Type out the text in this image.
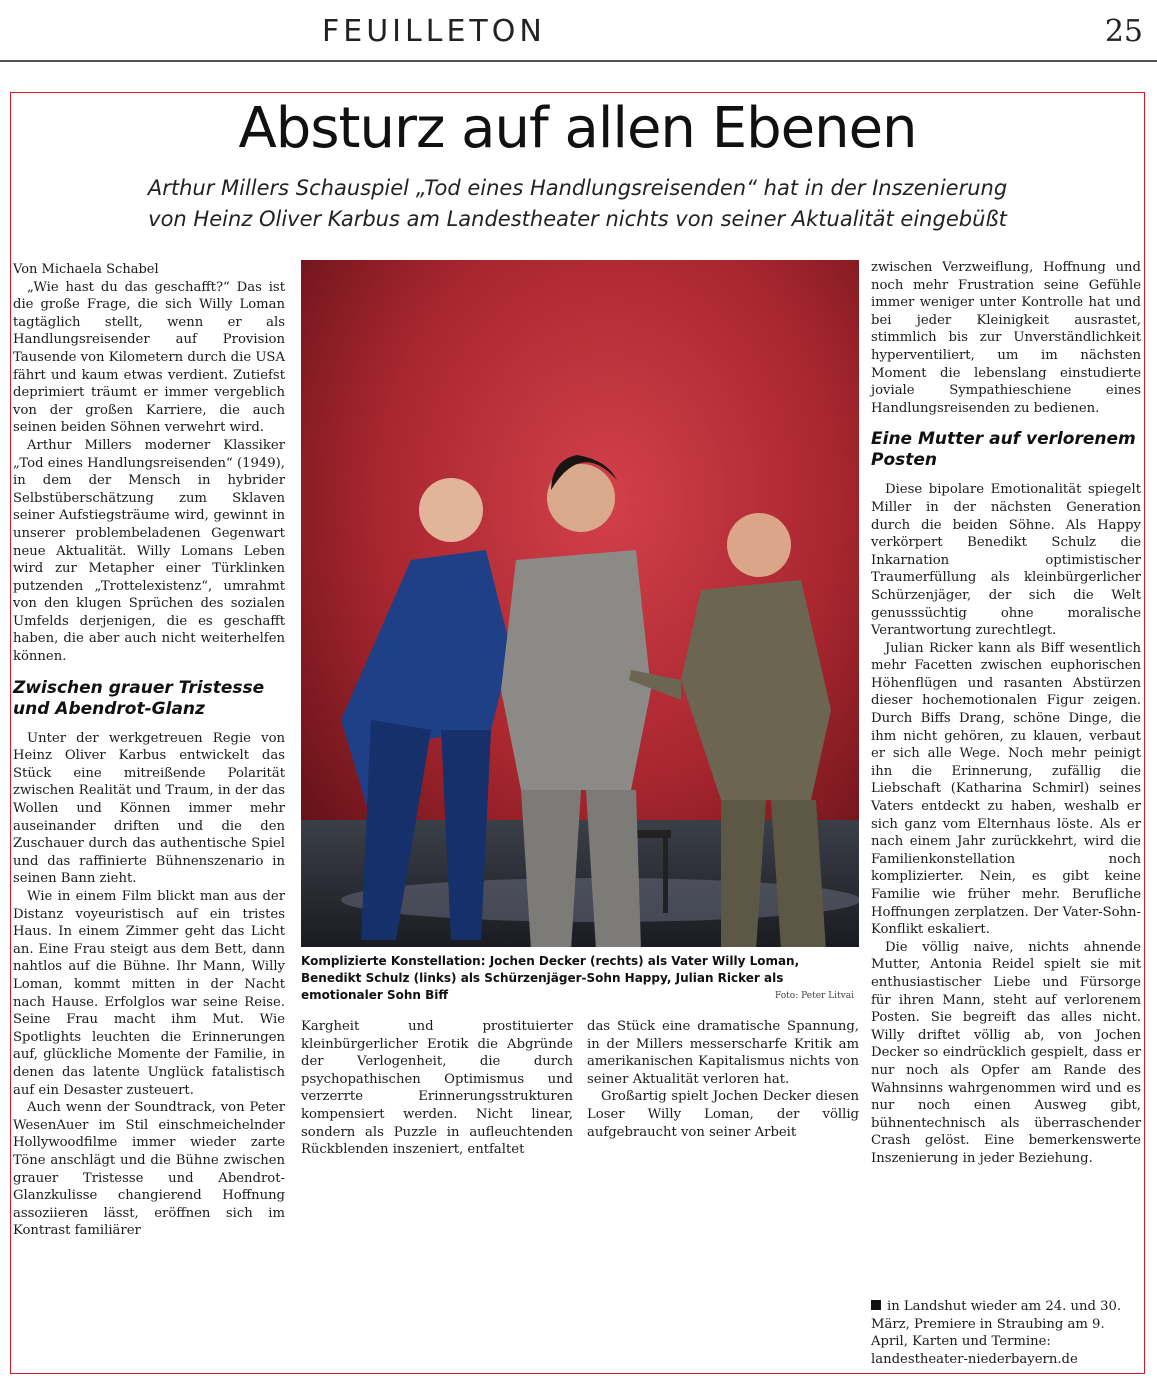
FEUILLETON	25
Absturz auf allen Ebenen
Arthur Millers Schauspiel „Tod eines Handlungsreisenden“ hat in der Inszenierung
von Heinz Oliver Karbus am Landestheater nichts von seiner Aktualität eingebüßt

Von Michaela Schabel

„Wie hast du das geschafft?“ Das ist die große Frage, die sich Willy Loman tagtäglich stellt, wenn er als Handlungsreisender auf Provision Tausende von Kilometern durch die USA fährt und kaum etwas verdient. Zutiefst deprimiert träumt er immer vergeblich von der großen Karriere, die auch seinen beiden Söhnen verwehrt wird.

Arthur Millers moderner Klassiker „Tod eines Handlungsreisenden“ (1949), in dem der Mensch in hybrider Selbstüberschätzung zum Sklaven seiner Aufstiegsträume wird, gewinnt in unserer problembeladenen Gegenwart neue Aktualität. Willy Lomans Leben wird zur Metapher einer Türklinken putzenden „Trottelexistenz“, umrahmt von den klugen Sprüchen des sozialen Umfelds derjenigen, die es geschafft haben, die aber auch nicht weiterhelfen können.

Zwischen grauer Tristesse und Abendrot-Glanz

Unter der werkgetreuen Regie von Heinz Oliver Karbus entwickelt das Stück eine mitreißende Polarität zwischen Realität und Traum, in der das Wollen und Können immer mehr auseinander driften und die den Zuschauer durch das authentische Spiel und das raffinierte Bühnenszenario in seinen Bann zieht.

Wie in einem Film blickt man aus der Distanz voyeuristisch auf ein tristes Haus. In einem Zimmer geht das Licht an. Eine Frau steigt aus dem Bett, dann nahtlos auf die Bühne. Ihr Mann, Willy Loman, kommt mitten in der Nacht nach Hause. Erfolglos war seine Reise. Seine Frau macht ihm Mut. Wie Spotlights leuchten die Erinnerungen auf, glückliche Momente der Familie, in denen das latente Unglück fatalistisch auf ein Desaster zusteuert.

Auch wenn der Soundtrack, von Peter WesenAuer im Stil einschmeichelnder Hollywoodfilme immer wieder zarte Töne anschlägt und die Bühne zwischen grauer Tristesse und Abendrot-Glanzkulisse changierend Hoffnung assoziieren lässt, eröffnen sich im Kontrast familiärer

Komplizierte Konstellation: Jochen Decker (rechts) als Vater Willy Loman, Benedikt Schulz (links) als Schürzenjäger-Sohn Happy, Julian Ricker als emotionaler Sohn Biff	Foto: Peter Litvai

Kargheit und prostituierter kleinbürgerlicher Erotik die Abgründe der Verlogenheit, die durch psychopathischen Optimismus und verzerrte Erinnerungsstrukturen kompensiert werden. Nicht linear, sondern als Puzzle in aufleuchtenden Rückblenden inszeniert, entfaltet

das Stück eine dramatische Spannung, in der Millers messerscharfe Kritik am amerikanischen Kapitalismus nichts von seiner Aktualität verloren hat.

Großartig spielt Jochen Decker diesen Loser Willy Loman, der völlig aufgebraucht von seiner Arbeit

zwischen Verzweiflung, Hoffnung und noch mehr Frustration seine Gefühle immer weniger unter Kontrolle hat und bei jeder Kleinigkeit ausrastet, stimmlich bis zur Unverständlichkeit hyperventiliert, um im nächsten Moment die lebenslang einstudierte joviale Sympathieschiene eines Handlungsreisenden zu bedienen.

Eine Mutter auf verlorenem Posten

Diese bipolare Emotionalität spiegelt Miller in der nächsten Generation durch die beiden Söhne. Als Happy verkörpert Benedikt Schulz die Inkarnation optimistischer Traumerfüllung als kleinbürgerlicher Schürzenjäger, der sich die Welt genusssüchtig ohne moralische Verantwortung zurechtlegt.

Julian Ricker kann als Biff wesentlich mehr Facetten zwischen euphorischen Höhenflügen und rasanten Abstürzen dieser hochemotionalen Figur zeigen. Durch Biffs Drang, schöne Dinge, die ihm nicht gehören, zu klauen, verbaut er sich alle Wege. Noch mehr peinigt ihn die Erinnerung, zufällig die Liebschaft (Katharina Schmirl) seines Vaters entdeckt zu haben, weshalb er sich ganz vom Elternhaus löste. Als er nach einem Jahr zurückkehrt, wird die Familienkonstellation noch komplizierter. Nein, es gibt keine Familie wie früher mehr. Berufliche Hoffnungen zerplatzen. Der Vater-Sohn-Konflikt eskaliert.

Die völlig naive, nichts ahnende Mutter, Antonia Reidel spielt sie mit enthusiastischer Liebe und Fürsorge für ihren Mann, steht auf verlorenem Posten. Sie begreift das alles nicht. Willy driftet völlig ab, von Jochen Decker so eindrücklich gespielt, dass er nur noch als Opfer am Rande des Wahnsinns wahrgenommen wird und es nur noch einen Ausweg gibt, bühnentechnisch als überraschender Crash gelöst. Eine bemerkenswerte Inszenierung in jeder Beziehung.

in Landshut wieder am 24. und 30. März, Premiere in Straubing am 9. April, Karten und Termine: landestheater-niederbayern.de
